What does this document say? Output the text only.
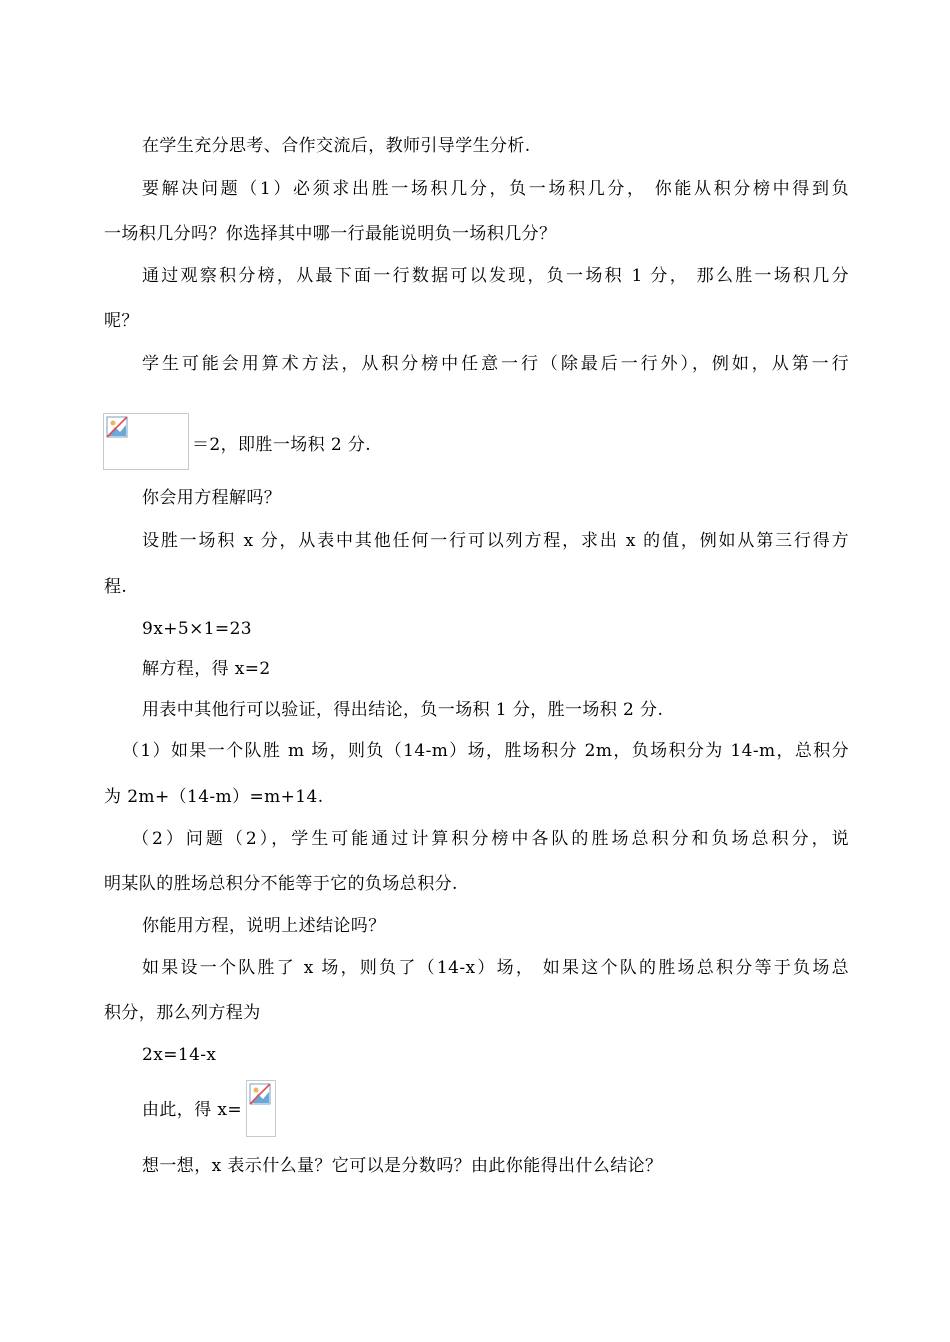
在学生充分思考、合作交流后，教师引导学生分析.
要解决问题（1）必须求出胜一场积几分，负一场积几分， 你能从积分榜中得到负
一场积几分吗？你选择其中哪一行最能说明负一场积几分？
通过观察积分榜，从最下面一行数据可以发现，负一场积 1 分， 那么胜一场积几分
呢？
学生可能会用算术方法，从积分榜中任意一行（除最后一行外），例如，从第一行
＝2，即胜一场积 2 分.
你会用方程解吗？
设胜一场积 x 分，从表中其他任何一行可以列方程，求出 x 的值，例如从第三行得方
程.
9x+5×1=23
解方程，得 x=2
用表中其他行可以验证，得出结论，负一场积 1 分，胜一场积 2 分.
（1）如果一个队胜 m 场，则负（14-m）场，胜场积分 2m，负场积分为 14-m，总积分
为 2m+（14-m）=m+14.
（2）问题（2），学生可能通过计算积分榜中各队的胜场总积分和负场总积分，说
明某队的胜场总积分不能等于它的负场总积分.
你能用方程，说明上述结论吗？
如果设一个队胜了 x 场，则负了（14-x）场， 如果这个队的胜场总积分等于负场总
积分，那么列方程为
2x=14-x
由此，得 x=
想一想，x 表示什么量？它可以是分数吗？由此你能得出什么结论？
